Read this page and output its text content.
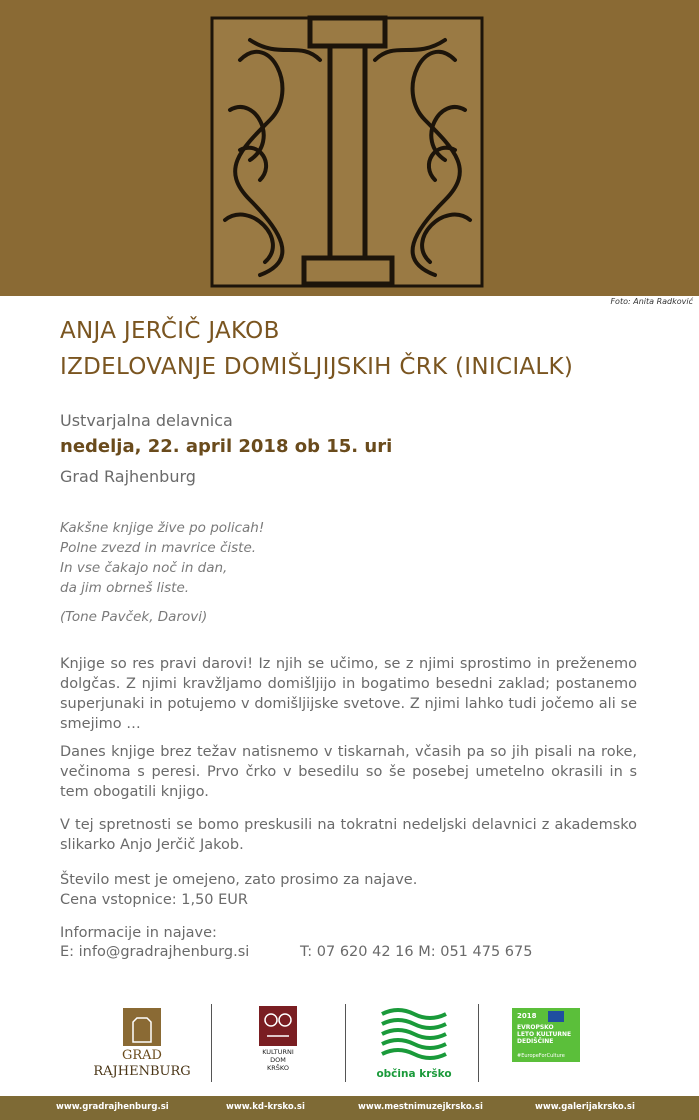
Foto: Anita Radković
ANJA JERČIČ JAKOB
IZDELOVANJE DOMIŠLJIJSKIH ČRK (INICIALK)
Ustvarjalna delavnica
nedelja, 22. april 2018 ob 15. uri
Grad Rajhenburg
Kakšne knjige žive po policah!
Polne zvezd in mavrice čiste.
In vse čakajo noč in dan,
da jim obrneš liste.
(Tone Pavček, Darovi)
Knjige so res pravi darovi! Iz njih se učimo, se z njimi sprostimo in preženemo dolgčas. Z njimi kravžljamo domišljijo in bogatimo besedni zaklad; postanemo superjunaki in potujemo v domišljijske svetove. Z njimi lahko tudi jočemo ali se smejimo …
Danes knjige brez težav natisnemo v tiskarnah, včasih pa so jih pisali na roke, večinoma s peresi. Prvo črko v besedilu so še posebej umetelno okrasili in s tem obogatili knjigo.
V tej spretnosti se bomo preskusili na tokratni nedeljski delavnici z akademsko slikarko Anjo Jerčič Jakob.
Število mest je omejeno, zato prosimo za najave.
Cena vstopnice: 1,50 EUR
Informacije in najave:
E: info@gradrajhenburg.si	T: 07 620 42 16 M: 051 475 675
GRAD
RAJHENBURG
KULTURNI
DOM
KRŠKO	občina krško
2018
EVROPSKO
LETO KULTURNE
DEDIŠČINE
#EuropeForCulture
www.gradrajhenburg.si	www.kd-krsko.si	www.mestnimuzejkrsko.si	www.galerijakrsko.si
